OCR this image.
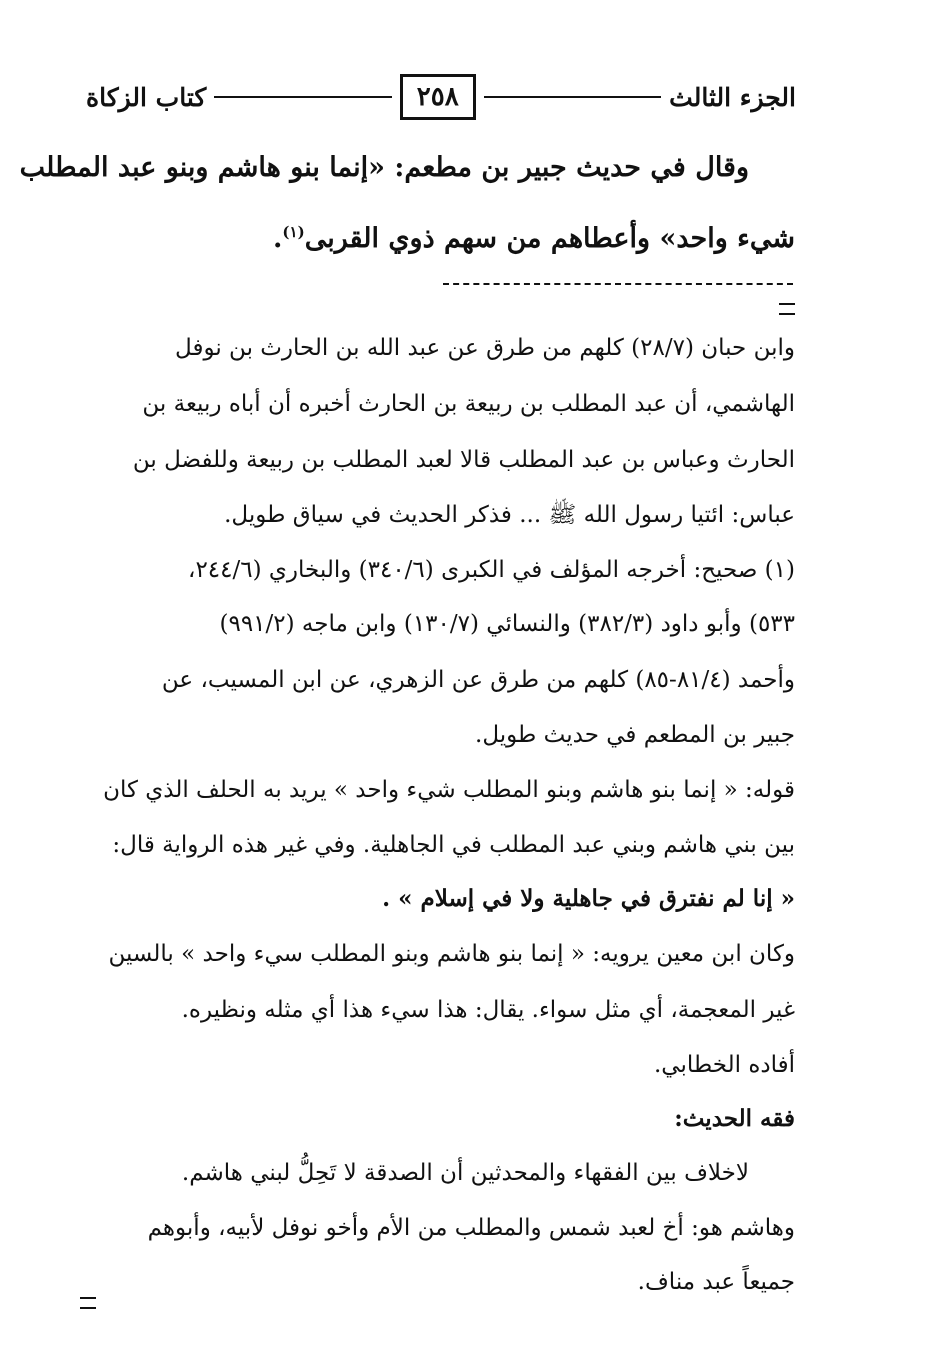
الجزء الثالث
٢٥٨
كتاب الزكاة
وقال في حديث جبير بن مطعم: «إنما بنو هاشم وبنو عبد المطلب
شيء واحد» وأعطاهم من سهم ذوي القربى$^{(١)}$.
وابن حبان (٢٨/٧) كلهم من طرق عن عبد الله بن الحارث بن نوفل
الهاشمي، أن عبد المطلب بن ربيعة بن الحارث أخبره أن أباه ربيعة بن
الحارث وعباس بن عبد المطلب قالا لعبد المطلب بن ربيعة وللفضل بن
عباس: ائتيا رسول الله ﷺ ... فذكر الحديث في سياق طويل.
(١) صحيح: أخرجه المؤلف في الكبرى (٣٤٠/٦) والبخاري (٢٤٤/٦،
٥٣٣) وأبو داود (٣٨٢/٣) والنسائي (١٣٠/٧) وابن ماجه (٩٩١/٢)
وأحمد (٨١/٤-٨٥) كلهم من طرق عن الزهري، عن ابن المسيب، عن
جبير بن المطعم في حديث طويل.
قوله: « إنما بنو هاشم وبنو المطلب شيء واحد » يريد به الحلف الذي كان
بين بني هاشم وبني عبد المطلب في الجاهلية. وفي غير هذه الرواية قال:
« إنا لم نفترق في جاهلية ولا في إسلام » .
وكان ابن معين يرويه: « إنما بنو هاشم وبنو المطلب سيء واحد » بالسين
غير المعجمة، أي مثل سواء. يقال: هذا سيء هذا أي مثله ونظيره.
أفاده الخطابي.
فقه الحديث:
لاخلاف بين الفقهاء والمحدثين أن الصدقة لا تَحِلُّ لبني هاشم.
وهاشم هو: أخ لعبد شمس والمطلب من الأم وأخو نوفل لأبيه، وأبوهم
جميعاً عبد مناف.
